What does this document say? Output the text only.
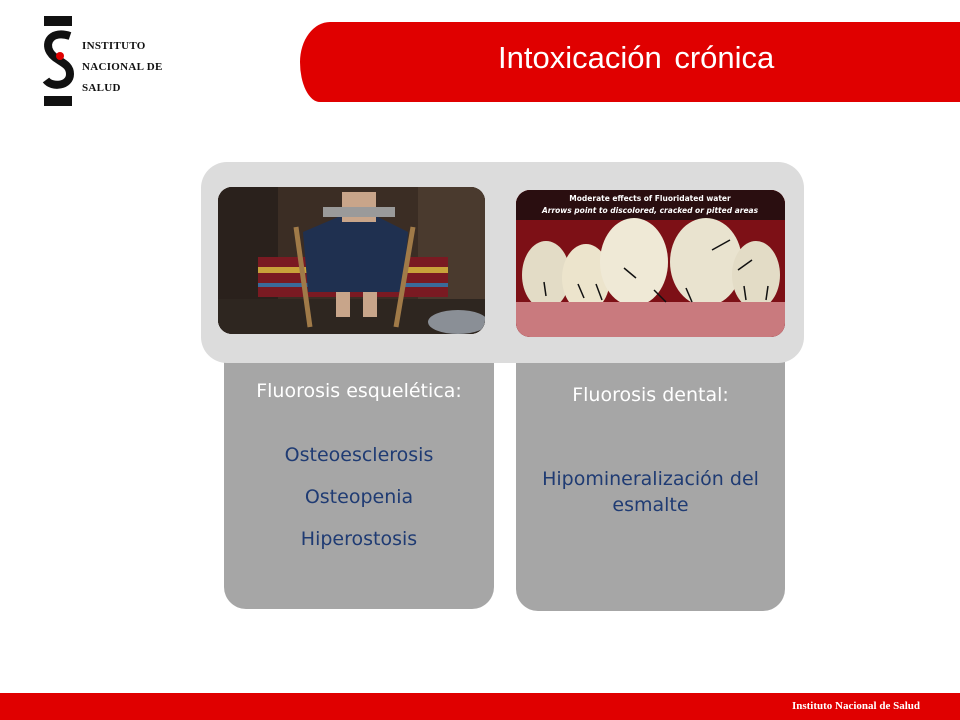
INSTITUTO
NACIONAL DE
SALUD
Intoxicación crónica
Fluorosis esquelética:
Osteoesclerosis
Osteopenia
Hiperostosis
Fluorosis dental:
Hipomineralización del esmalte
Moderate effects of Fluoridated water
Arrows point to discolored, cracked or pitted areas
Instituto Nacional de Salud
